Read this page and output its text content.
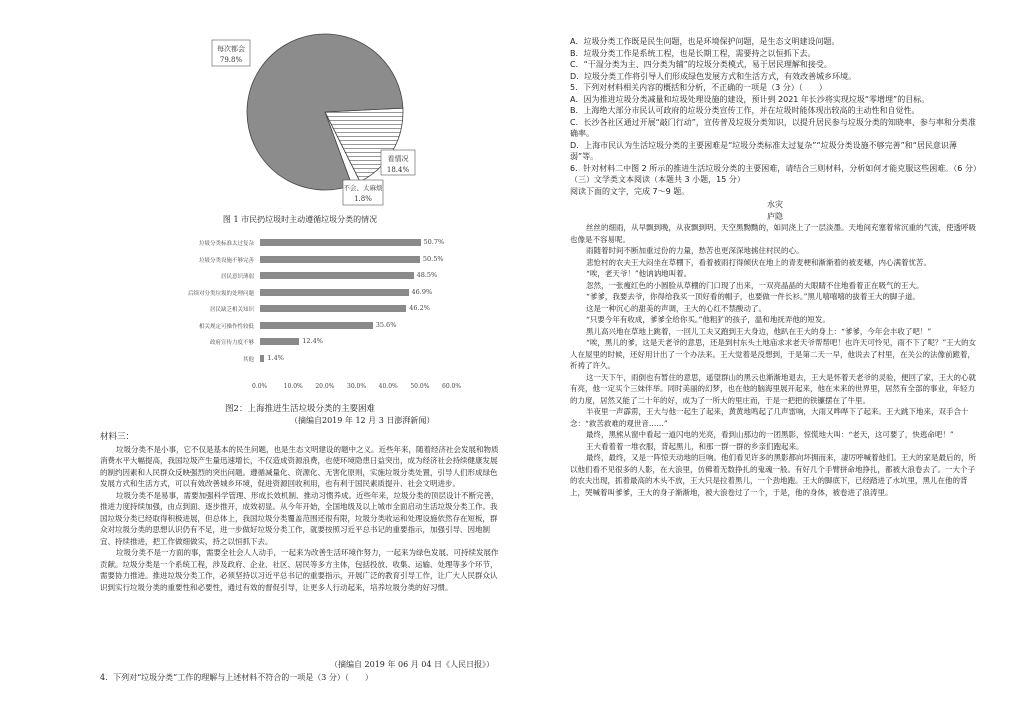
每次都会
79.8%
看情况
18.4%
不会、太麻烦
1.8%
图 1 市民扔垃圾时主动遵循垃圾分类的情况
垃圾分类标准太过复杂	50.7%
垃圾分类设施不够完善	50.5%
居民意识薄弱	48.5%
后续对分类垃圾的处理问题	46.9%
居民缺乏相关知识	46.2%
相关规定可操作性较低	35.6%
政府宣传力度不够	12.4%
其他 1.4%
0.0%	10.0% 20.0% 30.0% 40.0% 50.0% 60.0%
图2：上海推进生活垃圾分类的主要困难
（摘编自2019 年 12 月 3 日澎湃新闻）

材料三：

垃圾分类不是小事，它不仅是基本的民生问题，也是生态文明建设的题中之义。近些年来，随着经济社会发展和物质消费水平大幅提高，我国垃圾产生量迅速增长，不仅造成资源浪费，也使环境隐患日益突出，成为经济社会持续健康发展的制约因素和人民群众反映强烈的突出问题。遵循减量化、资源化、无害化原则，实施垃圾分类处置，引导人们形成绿色发展方式和生活方式，可以有效改善城乡环境，促进资源回收利用，也有利于国民素质提升、社会文明进步。

垃圾分类不是易事，需要加强科学管理、形成长效机制、推动习惯养成。近些年来，垃圾分类的顶层设计不断完善，推进力度持续加强，由点到面、逐步推开，成效初显。从今年开始，全国地级及以上城市全面启动生活垃圾分类工作。我国垃圾分类已经取得积极进展，但总体上，我国垃圾分类覆盖范围还很有限，垃圾分类收运和处理设施依然存在短板，群众对垃圾分类的思想认识仍有不足，进一步做好垃圾分类工作，就要按照习近平总书记的重要指示，加强引导、因地制宜、持续推进，把工作做细做实，持之以恒抓下去。

垃圾分类不是一方面的事，需要全社会人人动手，一起来为改善生活环境作努力，一起来为绿色发展、可持续发展作贡献。垃圾分类是一个系统工程，涉及政府、企业、社区、居民等多方主体，包括投放、收集、运输、处理等多个环节，需要协力推进。推进垃圾分类工作，必须坚持以习近平总书记的重要指示，开展广泛的教育引导工作，让广大人民群众认识到实行垃圾分类的重要性和必要性，通过有效的督促引导，让更多人行动起来，培养垃圾分类的好习惯。

（摘编自 2019 年 06 月 04 日《人民日报》）
4．下列对“垃圾分类”工作的理解与上述材料不符合的一项是（3 分）（　　）

A．垃圾分类工作既是民生问题，也是环境保护问题，是生态文明建设问题。

B．垃圾分类工作是系统工程，也是长期工程，需要持之以恒抓下去。

C．“干湿分类为主、四分类为辅”的垃圾分类模式，易于居民理解和接受。

D．垃圾分类工作将引导人们形成绿色发展方式和生活方式，有效改善城乡环境。

5．下列对材料相关内容的概括和分析，不正确的一项是（3 分）（　　）

A．因为推进垃圾分类减量和垃圾处理设施的建设，预计到 2021 年长沙将实现垃圾“零增埋”的目标。

B．上海绝大部分市民认可政府的垃圾分类宣传工作，并在垃圾时能体现出较高的主动性和自觉性。

C．长沙各社区通过开展“敲门行动”，宣传普及垃圾分类知识，以提升居民参与垃圾分类的知晓率、参与率和分类准确率。

D．上海市民认为生活垃圾分类的主要困难是“垃圾分类标准太过复杂”“垃圾分类设施不够完善”和“居民意识薄弱”等。

6．针对材料二中图 2 所示的推进生活垃圾分类的主要困难，请结合三则材料，分析如何才能克服这些困难。（6 分）

（三）文学类文本阅读（本题共 3 小题，15 分）

阅读下面的文字，完成 7～9 题。

水灾

庐隐

丝丝的细雨，从早飘到晚，从夜飘到明。天空黑黝黝的，如同浇上了一层淡墨。天地间充塞着常沉重的气流，使透呼吸也像是不容易呢。

雨随着时间不断加重过份的力量，愁苦也更深深地掳住村民的心。

悲怆村的农夫王大闷坐在草棚下，看着被雨打得倾伏在地上的青麦梗和渐渐着的被麦穗，内心满着忧苦。

“唉，老天爷！”他讷讷地叫着。

忽然，一张瘦红色的小圆脸从草棚的门口现了出来，一双亮晶晶的大眼睛不住地看着正在吸气的王大。

“爹爹，我要去爷，你得给我买一顶好看的帽子，也要做一件长衫。”黑儿嘻嘻嘻的拔着王大的脚子道。

这是一种沉心的甜美的声调，王大的心红不禁酸动了。

“只要今年有收成，爹爹全给你买。”他粗犷的孩子，温和地抚弄他的短发。

黑儿高兴地在草地上跳着，一回儿工夫又跑到王大身边，他趴在王大的身上：“爹爹，今年会丰收了吧！”

“唉，黑儿的爹，这是天老爷的意思，还是到村东头土地庙求求老天爷帮帮吧！也许天可怜见，雨不下了呢？”王大的女人在屋里的时候，还好用计出了一个办法来。王大觉着是没想到，于是第二天一早，他说去了村里，在关公的法像前跪着，祈祷了许久。

这一天下午，雨倒也有暂住的意思，遥望群山的黑云也渐渐地退去，王大是怀着天老爷的灵验，便回了家，王大的心就有亮，他一定买个三妹伴举。同时美丽的幻梦，也在他的脑海里展开起来，他在未来的世界里，居然有全部的事业，年轻力的力度，居然又能了二十年的好，成为了一所大的里庄而，于是一把把的铁镰摆在了牛里。

半夜里一声霹雳，王大与他一起生了起来，黄黄地鸣起了几声雷响，大雨又哗哗下了起来。王大跳下地来，双手合十念：“救苦救难的观世音……”

最终，黑熊从窗中看起一道闪电的光亮，看到山那边的一团黑影，惊慌地大叫：“老天，这可要了，快逃命吧！”

王大看着着一堆衣服，背起黑儿，和那一群一群的乡亲们跑起来。

最终，最终，又是一阵惊天动地的巨响。他们看见许多的黑影都向坏拥而来，凄厉呼喊着他们。王大的家是最后的，所以他们看不见很多的人影，在大浪里，仿佛着无数挣扎的鬼魂一般。有好几个手臂拼命地挣扎，都被大浪卷去了。一大个子的农夫出现，抓着最高的木头不放，王大只是拉着黑儿，一个劲地跑。王大的脚底下，已经踏进了水坑里，黑儿在他的背上，哭喊着叫爹爹，王大的身子渐渐地，被大浪卷过了一个，于是，他的身体，被卷进了浪涛里。
